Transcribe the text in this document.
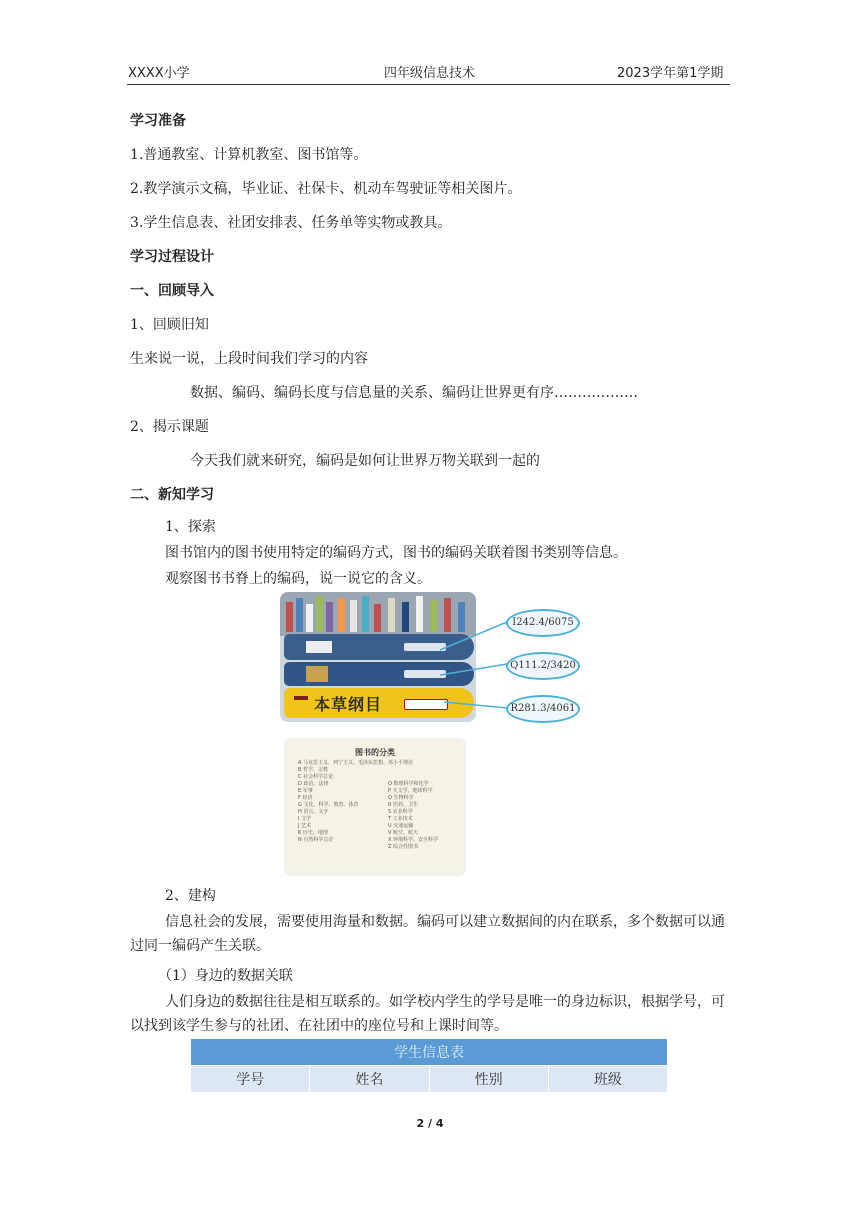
XXXX小学	四年级信息技术	2023学年第1学期
学习准备
1.普通教室、计算机教室、图书馆等。
2.教学演示文稿，毕业证、社保卡、机动车驾驶证等相关图片。
3.学生信息表、社团安排表、任务单等实物或教具。
学习过程设计
一、回顾导入
1、回顾旧知
生来说一说，上段时间我们学习的内容
数据、编码、编码长度与信息量的关系、编码让世界更有序………………
2、揭示课题
今天我们就来研究，编码是如何让世界万物关联到一起的
二、新知学习
1、探索
图书馆内的图书使用特定的编码方式，图书的编码关联着图书类别等信息。
观察图书书脊上的编码，说一说它的含义。
本草纲目
I242.4/6075
Q111.2/3420
R281.3/4061
图书的分类
A 马克思主义、列宁主义、毛泽东思想、邓小平理论
B 哲学、宗教
C 社会科学总论
D 政治、法律
E 军事
F 经济
G 文化、科学、教育、体育
H 语言、文字
I 文学
J 艺术
K 历史、地理
N 自然科学总论
O 数理科学和化学
P 天文学、地球科学
Q 生物科学
R 医药、卫生
S 农业科学
T 工业技术
U 交通运输
V 航空、航天
X 环境科学、安全科学
Z 综合性图书
2、建构
信息社会的发展，需要使用海量和数据。编码可以建立数据间的内在联系，多个数据可以通过同一编码产生关联。
（1）身边的数据关联
人们身边的数据往往是相互联系的。如学校内学生的学号是唯一的身边标识，根据学号，可以找到该学生参与的社团、在社团中的座位号和上课时间等。
学生信息表
学号	姓名	性别	班级
2 / 4
